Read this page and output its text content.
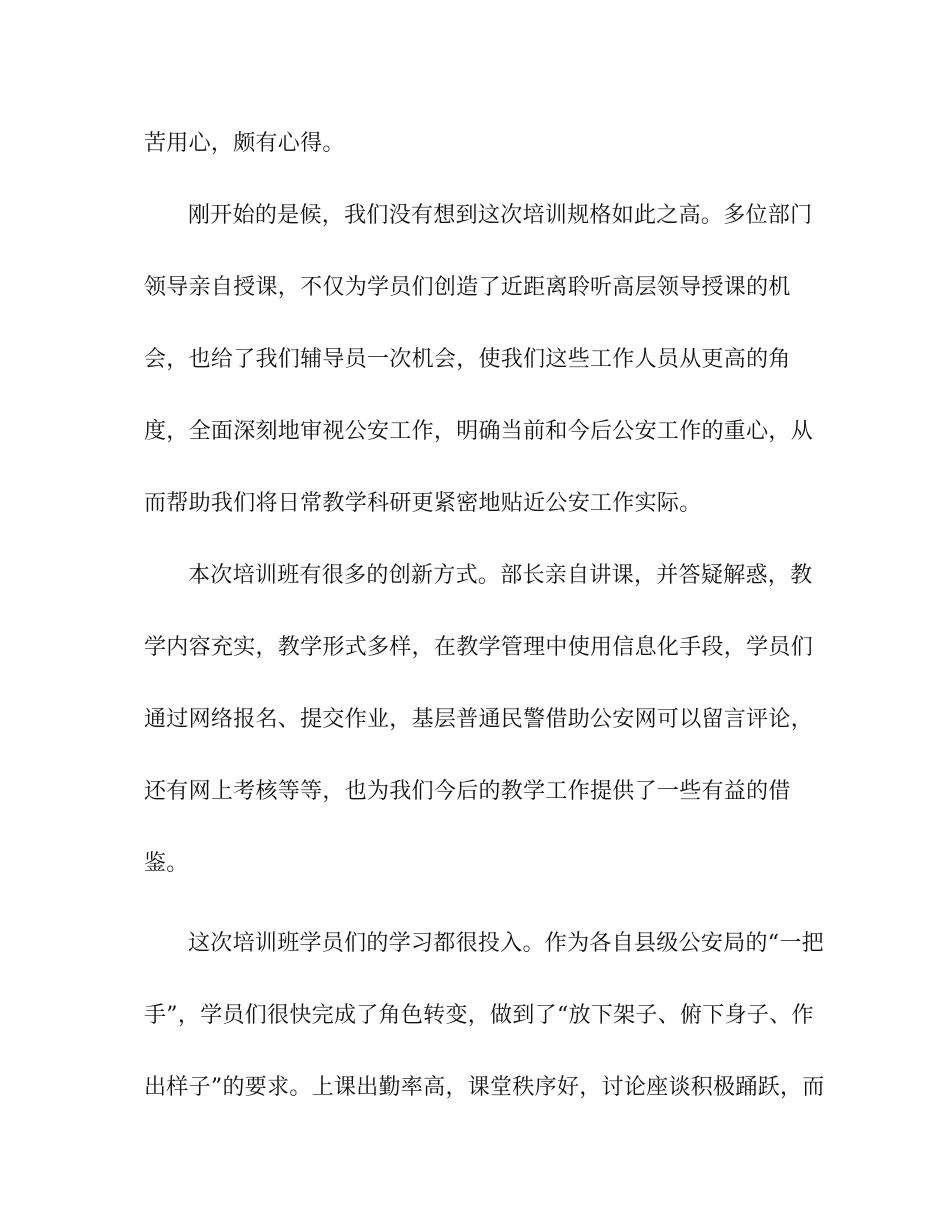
苦用心，颇有心得。
刚开始的是候，我们没有想到这次培训规格如此之高。多位部门
领导亲自授课，不仅为学员们创造了近距离聆听高层领导授课的机
会，也给了我们辅导员一次机会，使我们这些工作人员从更高的角
度，全面深刻地审视公安工作，明确当前和今后公安工作的重心，从
而帮助我们将日常教学科研更紧密地贴近公安工作实际。
本次培训班有很多的创新方式。部长亲自讲课，并答疑解惑，教
学内容充实，教学形式多样，在教学管理中使用信息化手段，学员们
通过网络报名、提交作业，基层普通民警借助公安网可以留言评论，
还有网上考核等等，也为我们今后的教学工作提供了一些有益的借
鉴。
这次培训班学员们的学习都很投入。作为各自县级公安局的“一把
手”，学员们很快完成了角色转变，做到了“放下架子、俯下身子、作
出样子”的要求。上课出勤率高，课堂秩序好，讨论座谈积极踊跃，而
